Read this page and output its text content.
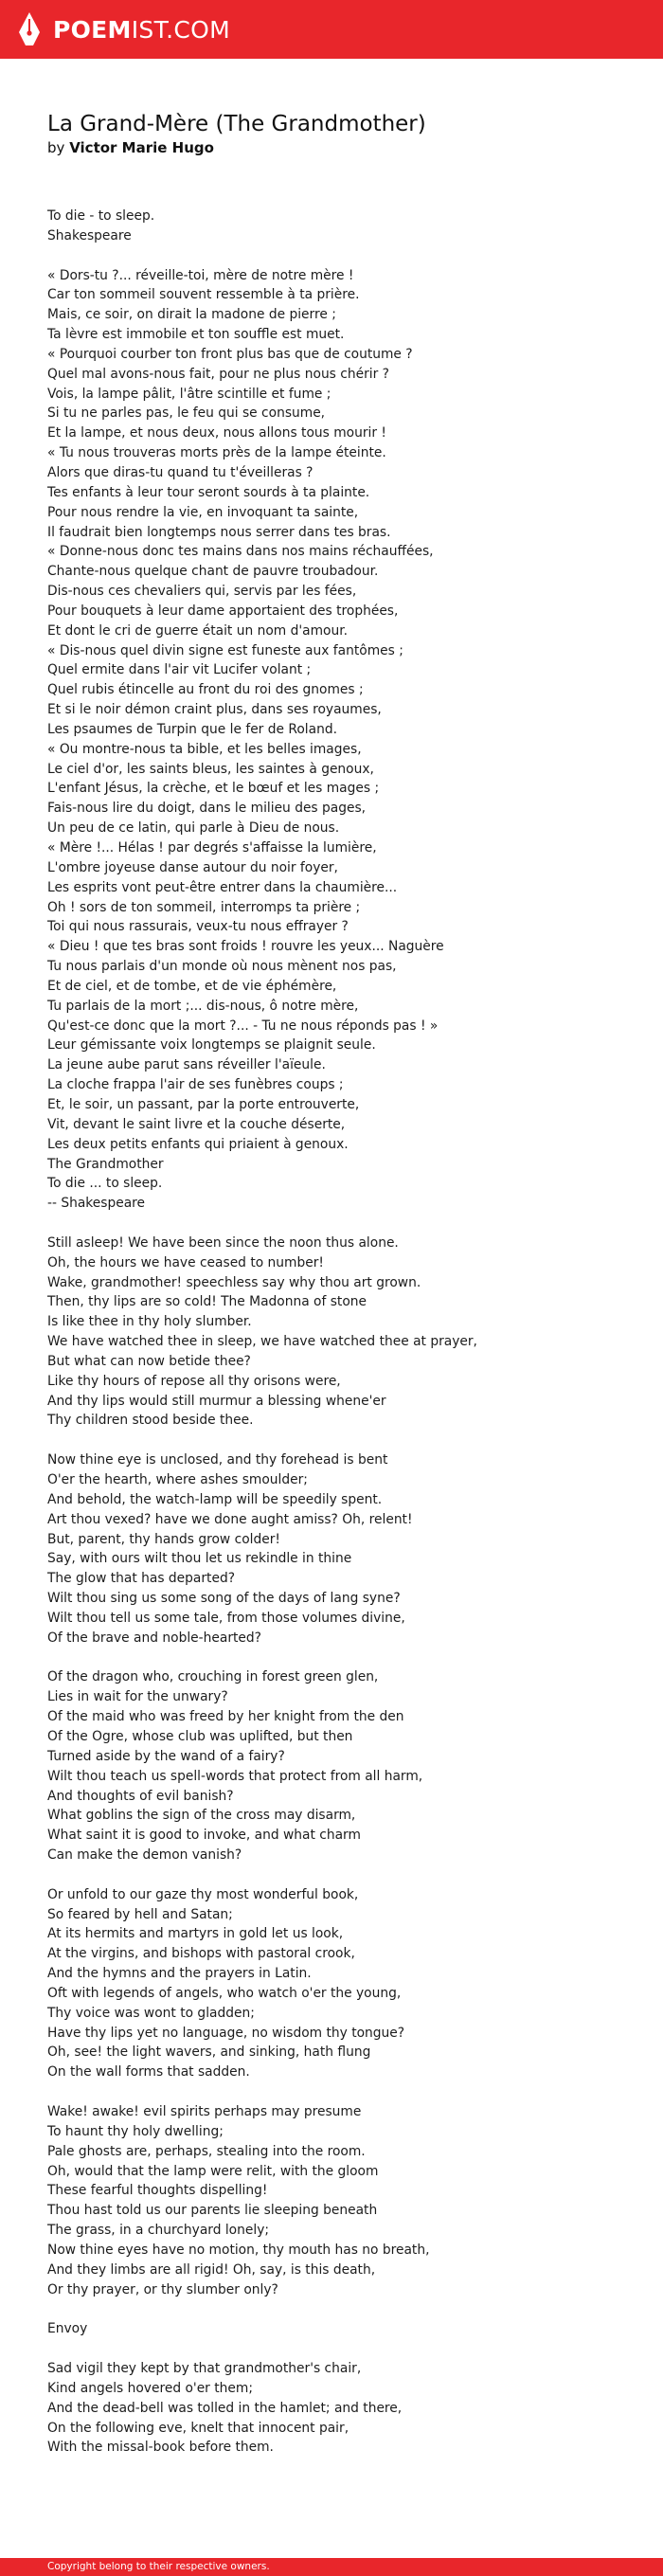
POEMIST.COM
La Grand-Mère (The Grandmother)
by Victor Marie Hugo
To die - to sleep.
Shakespeare
« Dors-tu ?... réveille-toi, mère de notre mère !
Car ton sommeil souvent ressemble à ta prière.
Mais, ce soir, on dirait la madone de pierre ;
Ta lèvre est immobile et ton souffle est muet.
« Pourquoi courber ton front plus bas que de coutume ?
Quel mal avons-nous fait, pour ne plus nous chérir ?
Vois, la lampe pâlit, l'âtre scintille et fume ;
Si tu ne parles pas, le feu qui se consume,
Et la lampe, et nous deux, nous allons tous mourir !
« Tu nous trouveras morts près de la lampe éteinte.
Alors que diras-tu quand tu t'éveilleras ?
Tes enfants à leur tour seront sourds à ta plainte.
Pour nous rendre la vie, en invoquant ta sainte,
Il faudrait bien longtemps nous serrer dans tes bras.
« Donne-nous donc tes mains dans nos mains réchauffées,
Chante-nous quelque chant de pauvre troubadour.
Dis-nous ces chevaliers qui, servis par les fées,
Pour bouquets à leur dame apportaient des trophées,
Et dont le cri de guerre était un nom d'amour.
« Dis-nous quel divin signe est funeste aux fantômes ;
Quel ermite dans l'air vit Lucifer volant ;
Quel rubis étincelle au front du roi des gnomes ;
Et si le noir démon craint plus, dans ses royaumes,
Les psaumes de Turpin que le fer de Roland.
« Ou montre-nous ta bible, et les belles images,
Le ciel d'or, les saints bleus, les saintes à genoux,
L'enfant Jésus, la crèche, et le bœuf et les mages ;
Fais-nous lire du doigt, dans le milieu des pages,
Un peu de ce latin, qui parle à Dieu de nous.
« Mère !... Hélas ! par degrés s'affaisse la lumière,
L'ombre joyeuse danse autour du noir foyer,
Les esprits vont peut-être entrer dans la chaumière...
Oh ! sors de ton sommeil, interromps ta prière ;
Toi qui nous rassurais, veux-tu nous effrayer ?
« Dieu ! que tes bras sont froids ! rouvre les yeux... Naguère
Tu nous parlais d'un monde où nous mènent nos pas,
Et de ciel, et de tombe, et de vie éphémère,
Tu parlais de la mort ;... dis-nous, ô notre mère,
Qu'est-ce donc que la mort ?... - Tu ne nous réponds pas ! »
Leur gémissante voix longtemps se plaignit seule.
La jeune aube parut sans réveiller l'aïeule.
La cloche frappa l'air de ses funèbres coups ;
Et, le soir, un passant, par la porte entrouverte,
Vit, devant le saint livre et la couche déserte,
Les deux petits enfants qui priaient à genoux.
The Grandmother
To die ... to sleep.
-- Shakespeare
Still asleep! We have been since the noon thus alone.
Oh, the hours we have ceased to number!
Wake, grandmother! speechless say why thou art grown.
Then, thy lips are so cold! The Madonna of stone
Is like thee in thy holy slumber.
We have watched thee in sleep, we have watched thee at prayer,
But what can now betide thee?
Like thy hours of repose all thy orisons were,
And thy lips would still murmur a blessing whene'er
Thy children stood beside thee.
Now thine eye is unclosed, and thy forehead is bent
O'er the hearth, where ashes smoulder;
And behold, the watch-lamp will be speedily spent.
Art thou vexed? have we done aught amiss? Oh, relent!
But, parent, thy hands grow colder!
Say, with ours wilt thou let us rekindle in thine
The glow that has departed?
Wilt thou sing us some song of the days of lang syne?
Wilt thou tell us some tale, from those volumes divine,
Of the brave and noble-hearted?
Of the dragon who, crouching in forest green glen,
Lies in wait for the unwary?
Of the maid who was freed by her knight from the den
Of the Ogre, whose club was uplifted, but then
Turned aside by the wand of a fairy?
Wilt thou teach us spell-words that protect from all harm,
And thoughts of evil banish?
What goblins the sign of the cross may disarm,
What saint it is good to invoke, and what charm
Can make the demon vanish?
Or unfold to our gaze thy most wonderful book,
So feared by hell and Satan;
At its hermits and martyrs in gold let us look,
At the virgins, and bishops with pastoral crook,
And the hymns and the prayers in Latin.
Oft with legends of angels, who watch o'er the young,
Thy voice was wont to gladden;
Have thy lips yet no language, no wisdom thy tongue?
Oh, see! the light wavers, and sinking, hath flung
On the wall forms that sadden.
Wake! awake! evil spirits perhaps may presume
To haunt thy holy dwelling;
Pale ghosts are, perhaps, stealing into the room.
Oh, would that the lamp were relit, with the gloom
These fearful thoughts dispelling!
Thou hast told us our parents lie sleeping beneath
The grass, in a churchyard lonely;
Now thine eyes have no motion, thy mouth has no breath,
And they limbs are all rigid! Oh, say, is this death,
Or thy prayer, or thy slumber only?
Envoy
Sad vigil they kept by that grandmother's chair,
Kind angels hovered o'er them;
And the dead-bell was tolled in the hamlet; and there,
On the following eve, knelt that innocent pair,
With the missal-book before them.
Copyright belong to their respective owners.
